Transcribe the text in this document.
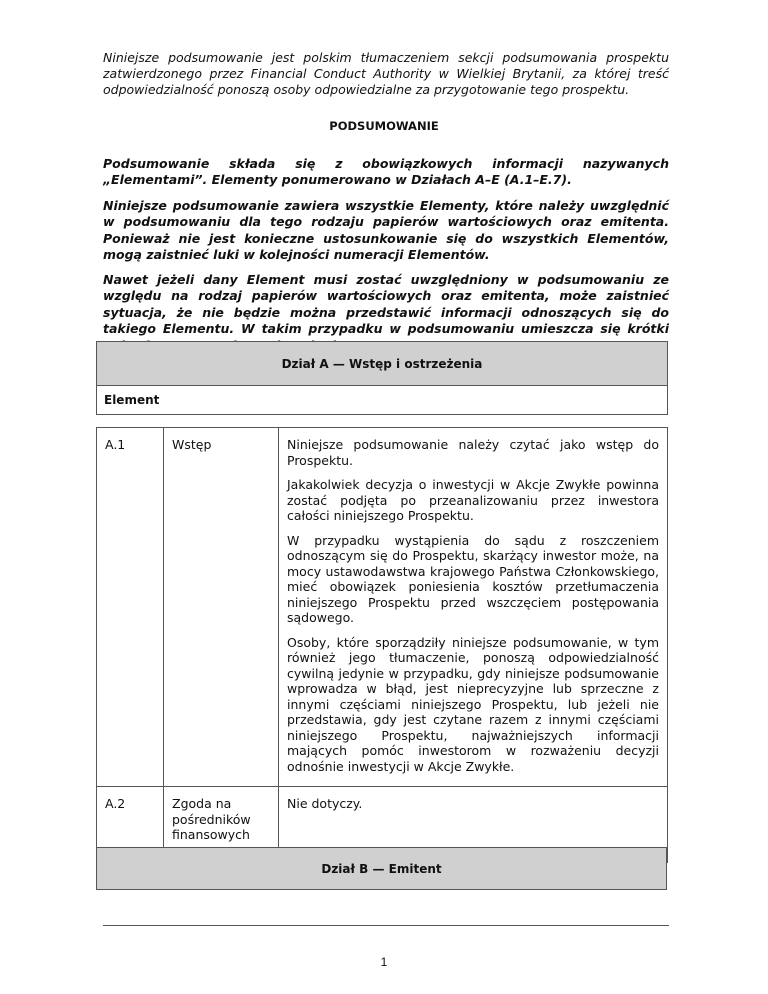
Niniejsze podsumowanie jest polskim tłumaczeniem sekcji podsumowania prospektu zatwierdzonego przez Financial Conduct Authority w Wielkiej Brytanii, za której treść odpowiedzialność ponoszą osoby odpowiedzialne za przygotowanie tego prospektu.

PODSUMOWANIE

Podsumowanie składa się z obowiązkowych informacji nazywanych „Elementami”. Elementy ponumerowano w Działach A–E (A.1–E.7).

Niniejsze podsumowanie zawiera wszystkie Elementy, które należy uwzględnić w podsumowaniu dla tego rodzaju papierów wartościowych oraz emitenta. Ponieważ nie jest konieczne ustosunkowanie się do wszystkich Elementów, mogą zaistnieć luki w kolejności numeracji Elementów.

Nawet jeżeli dany Element musi zostać uwzględniony w podsumowaniu ze względu na rodzaj papierów wartościowych oraz emitenta, może zaistnieć sytuacja, że nie będzie można przedstawić informacji odnoszących się do takiego Elementu. W takim przypadku w podsumowaniu umieszcza się krótki

Dział A — Wstęp i ostrzeżenia		
Element		

A.1	Wstęp	Niniejsze podsumowanie należy czytać jako wstęp do Prospektu.

Jakakolwiek decyzja o inwestycji w Akcje Zwykłe powinna zostać podjęta po przeanalizowaniu przez inwestora całości niniejszego Prospektu.

W przypadku wystąpienia do sądu z roszczeniem odnoszącym się do Prospektu, skarżący inwestor może, na mocy ustawodawstwa krajowego Państwa Członkowskiego, mieć obowiązek poniesienia kosztów przetłumaczenia niniejszego Prospektu przed wszczęciem postępowania sądowego.

Osoby, które sporządziły niniejsze podsumowanie, w tym również jego tłumaczenie, ponoszą odpowiedzialność cywilną jedynie w przypadku, gdy niniejsze podsumowanie wprowadza w błąd, jest nieprecyzyjne lub sprzeczne z innymi częściami niniejszego Prospektu, lub jeżeli nie przedstawia, gdy jest czytane razem z innymi częściami niniejszego Prospektu, najważniejszych informacji mających pomóc inwestorom w rozważeniu decyzji odnośnie inwestycji w Akcje Zwykłe.

A.2	Zgoda na pośredników finansowych	Nie dotyczy.

Dział B — Emitent
1
